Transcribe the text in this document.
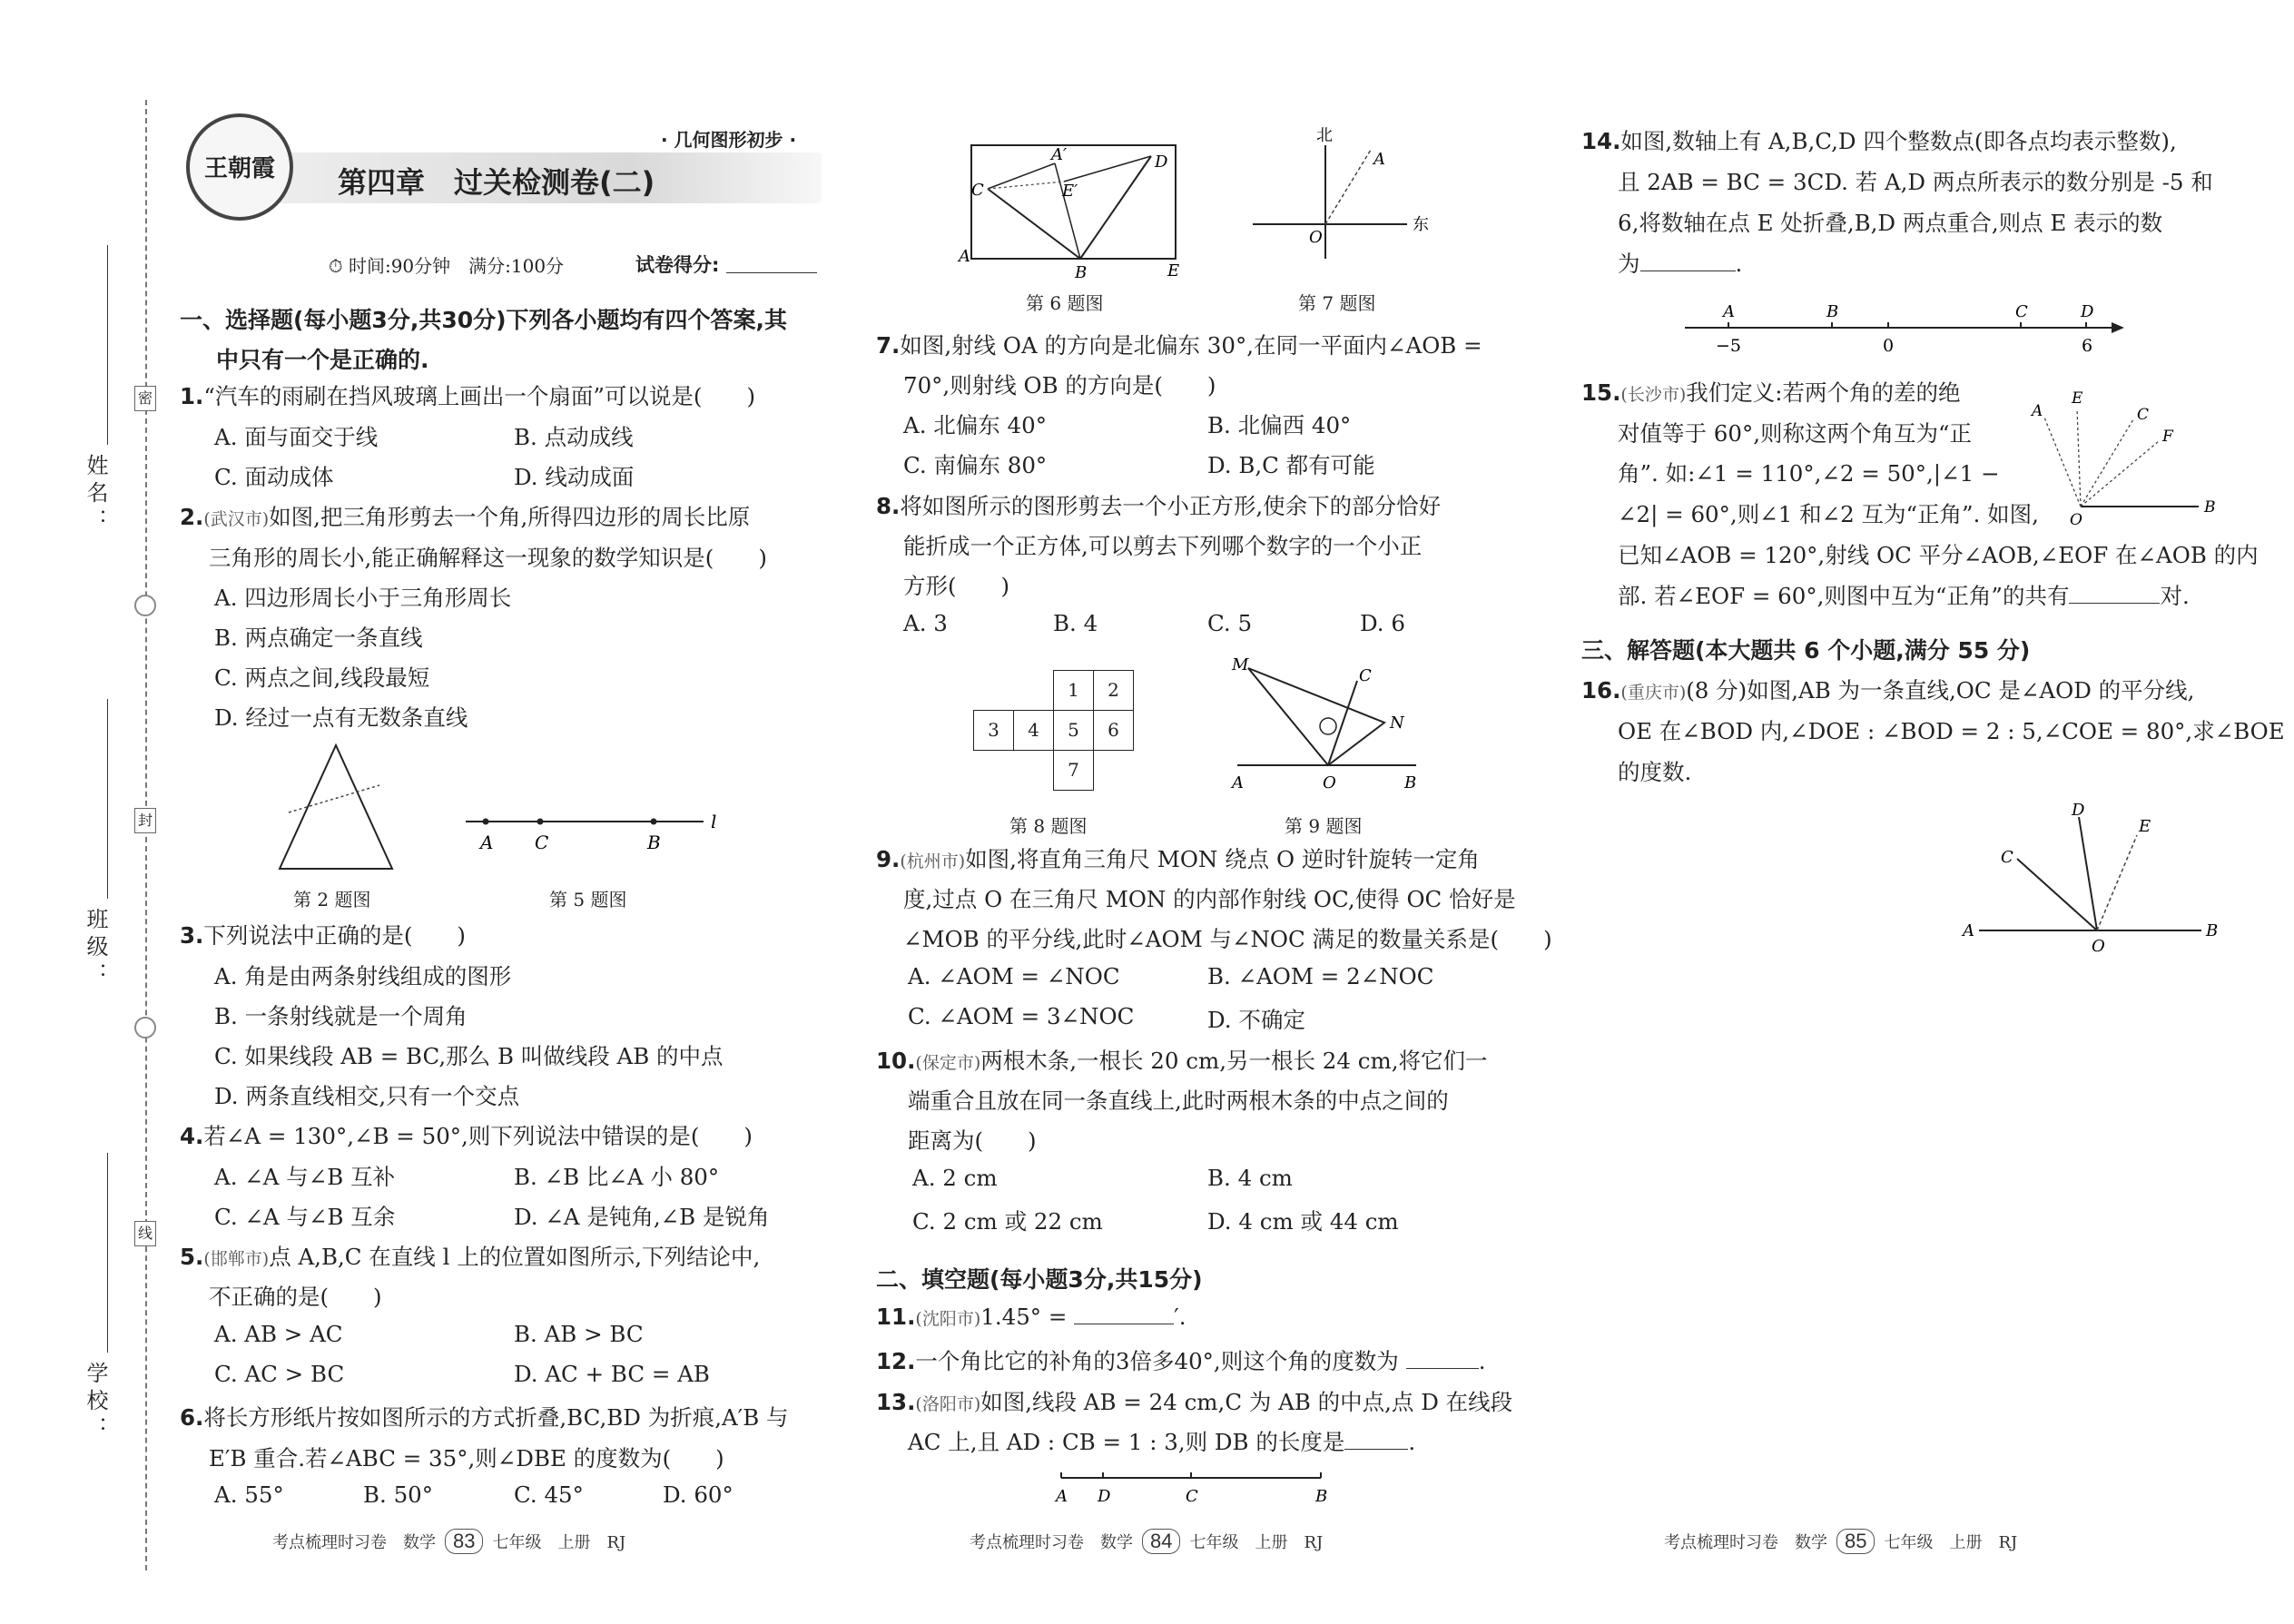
姓名：
班级：
学校：
密
封
线
王朝霞
· 几何图形初步 ·
第四章　过关检测卷(二)
⏱ 时间:90分钟　满分:100分	试卷得分:
一、选择题(每小题3分,共30分)下列各小题均有四个答案,其
中只有一个是正确的.
1.“汽车的雨刷在挡风玻璃上画出一个扇面”可以说是(　　)
A. 面与面交于线	B. 点动成线
C. 面动成体	D. 线动成面
2.(武汉市)如图,把三角形剪去一个角,所得四边形的周长比原
三角形的周长小,能正确解释这一现象的数学知识是(　　)
A. 四边形周长小于三角形周长
B. 两点确定一条直线
C. 两点之间,线段最短
D. 经过一点有无数条直线
第 2 题图
A C	B
l
第 5 题图
3.下列说法中正确的是(　　)
A. 角是由两条射线组成的图形
B. 一条射线就是一个周角
C. 如果线段 AB = BC,那么 B 叫做线段 AB 的中点
D. 两条直线相交,只有一个交点
4.若∠A = 130°,∠B = 50°,则下列说法中错误的是(　　)
A. ∠A 与∠B 互补	B. ∠B 比∠A 小 80°
C. ∠A 与∠B 互余	D. ∠A 是钝角,∠B 是锐角
5.(邯郸市)点 A,B,C 在直线 l 上的位置如图所示,下列结论中,
不正确的是(　　)
A. AB > AC	B. AB > BC
C. AC > BC	D. AC + BC = AB
6.将长方形纸片按如图所示的方式折叠,BC,BD 为折痕,A′B 与
E′B 重合.若∠ABC = 35°,则∠DBE 的度数为(　　)
A. 55°	B. 50°	C. 45°	D. 60°
A′
E′
C
D
A
B	E
第 6 题图
北
A
O
东
第 7 题图
7.如图,射线 OA 的方向是北偏东 30°,在同一平面内∠AOB =
70°,则射线 OB 的方向是(　　)
A. 北偏东 40°	B. 北偏西 40°
C. 南偏东 80°	D. B,C 都有可能
8.将如图所示的图形剪去一个小正方形,使余下的部分恰好
能折成一个正方体,可以剪去下列哪个数字的一个小正
方形(　　)
A. 3	B. 4	C. 5	D. 6
1	2
3	4	5	6
7
第 8 题图
M
C
N
A	O	B
第 9 题图
9.(杭州市)如图,将直角三角尺 MON 绕点 O 逆时针旋转一定角
度,过点 O 在三角尺 MON 的内部作射线 OC,使得 OC 恰好是
∠MOB 的平分线,此时∠AOM 与∠NOC 满足的数量关系是(　　)
A. ∠AOM = ∠NOC	B. ∠AOM = 2∠NOC
C. ∠AOM = 3∠NOC	D. 不确定
10.(保定市)两根木条,一根长 20 cm,另一根长 24 cm,将它们一
端重合且放在同一条直线上,此时两根木条的中点之间的
距离为(　　)
A. 2 cm	B. 4 cm
C. 2 cm 或 22 cm	D. 4 cm 或 44 cm
二、填空题(每小题3分,共15分)
11.(沈阳市)1.45° =	′.
12.一个角比它的补角的3倍多40°,则这个角的度数为	.
13.(洛阳市)如图,线段 AB = 24 cm,C 为 AB 的中点,点 D 在线段
AC 上,且 AD : CB = 1 : 3,则 DB 的长度是	.
A D	C	B
14.如图,数轴上有 A,B,C,D 四个整数点(即各点均表示整数),
且 2AB = BC = 3CD. 若 A,D 两点所表示的数分别是 -5 和
6,将数轴在点 E 处折叠,B,D 两点重合,则点 E 表示的数
为	.
A	B	C	D
−5	0	6
15.(长沙市)我们定义:若两个角的差的绝
对值等于 60°,则称这两个角互为“正
角”. 如:∠1 = 110°,∠2 = 50°,|∠1 −
∠2| = 60°,则∠1 和∠2 互为“正角”. 如图,
已知∠AOB = 120°,射线 OC 平分∠AOB,∠EOF 在∠AOB 的内
部. 若∠EOF = 60°,则图中互为“正角”的共有	对.
A
E
C
F
O
B
三、解答题(本大题共 6 个小题,满分 55 分)
16.(重庆市)(8 分)如图,AB 为一条直线,OC 是∠AOD 的平分线,
OE 在∠BOD 内,∠DOE : ∠BOD = 2 : 5,∠COE = 80°,求∠BOE
的度数.
D
E
C
A
O
B
考点梳理时习卷　数学 83 七年级　上册　RJ	考点梳理时习卷　数学 84 七年级　上册　RJ	考点梳理时习卷　数学 85 七年级　上册　RJ
